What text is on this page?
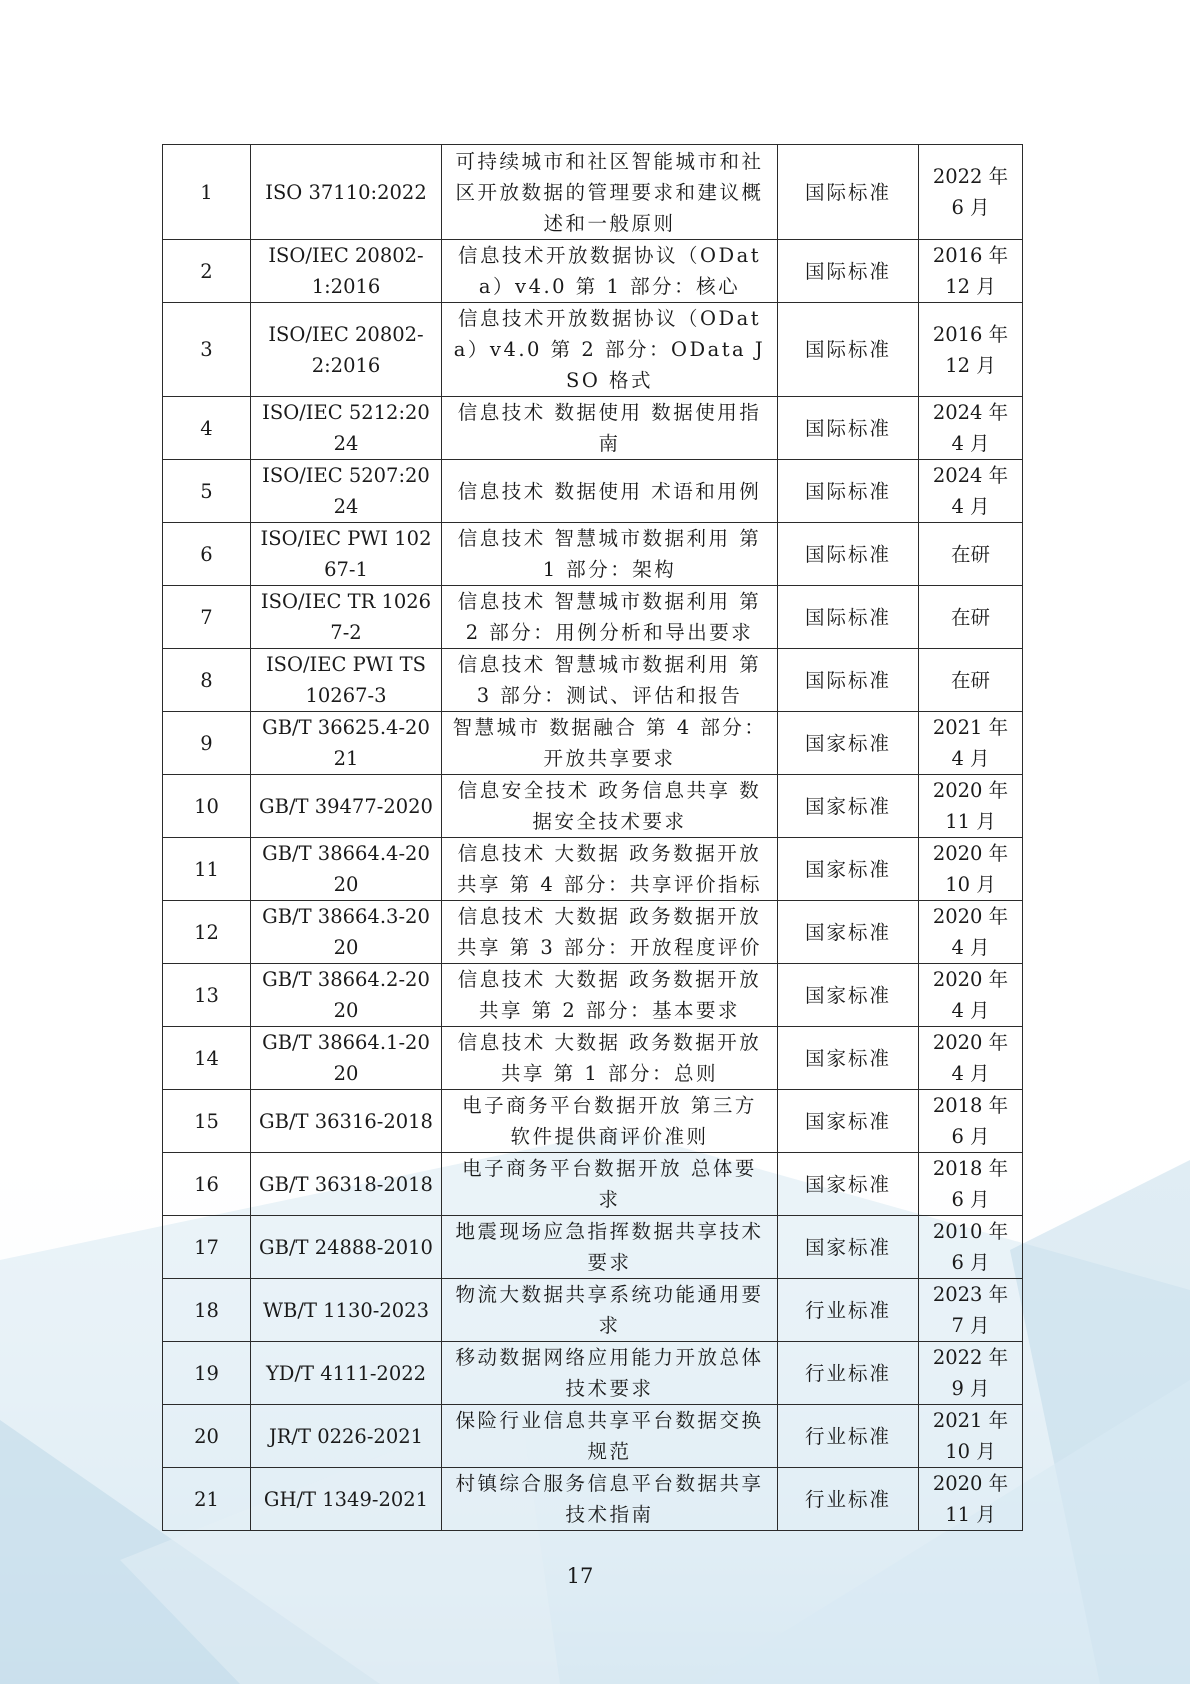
1	ISO 37110:2022	可持续城市和社区智能城市和社区开放数据的管理要求和建议概述和一般原则	国际标准	2022 年 6 月
2	ISO/IEC 20802-1:2016	信息技术开放数据协议（OData）v4.0 第 1 部分：核心	国际标准	2016 年 12 月
3	ISO/IEC 20802-2:2016	信息技术开放数据协议（OData）v4.0 第 2 部分：OData JSO 格式	国际标准	2016 年 12 月
4	ISO/IEC 5212:2024	信息技术 数据使用 数据使用指南	国际标准	2024 年 4 月
5	ISO/IEC 5207:2024	信息技术 数据使用 术语和用例	国际标准	2024 年 4 月
6	ISO/IEC PWI 10267-1	信息技术 智慧城市数据利用 第 1 部分：架构	国际标准	在研
7	ISO/IEC TR 10267-2	信息技术 智慧城市数据利用 第 2 部分：用例分析和导出要求	国际标准	在研
8	ISO/IEC PWI TS 10267-3	信息技术 智慧城市数据利用 第 3 部分：测试、评估和报告	国际标准	在研
9	GB/T 36625.4-2021	智慧城市 数据融合 第 4 部分：开放共享要求	国家标准	2021 年 4 月
10	GB/T 39477-2020	信息安全技术 政务信息共享 数据安全技术要求	国家标准	2020 年 11 月
11	GB/T 38664.4-2020	信息技术 大数据 政务数据开放共享 第 4 部分：共享评价指标	国家标准	2020 年 10 月
12	GB/T 38664.3-2020	信息技术 大数据 政务数据开放共享 第 3 部分：开放程度评价	国家标准	2020 年 4 月
13	GB/T 38664.2-2020	信息技术 大数据 政务数据开放共享 第 2 部分：基本要求	国家标准	2020 年 4 月
14	GB/T 38664.1-2020	信息技术 大数据 政务数据开放共享 第 1 部分：总则	国家标准	2020 年 4 月
15	GB/T 36316-2018	电子商务平台数据开放 第三方软件提供商评价准则	国家标准	2018 年 6 月
16	GB/T 36318-2018	电子商务平台数据开放 总体要求	国家标准	2018 年 6 月
17	GB/T 24888-2010	地震现场应急指挥数据共享技术要求	国家标准	2010 年 6 月
18	WB/T 1130-2023	物流大数据共享系统功能通用要求	行业标准	2023 年 7 月
19	YD/T 4111-2022	移动数据网络应用能力开放总体技术要求	行业标准	2022 年 9 月
20	JR/T 0226-2021	保险行业信息共享平台数据交换规范	行业标准	2021 年 10 月
21	GH/T 1349-2021	村镇综合服务信息平台数据共享技术指南	行业标准	2020 年 11 月
17
